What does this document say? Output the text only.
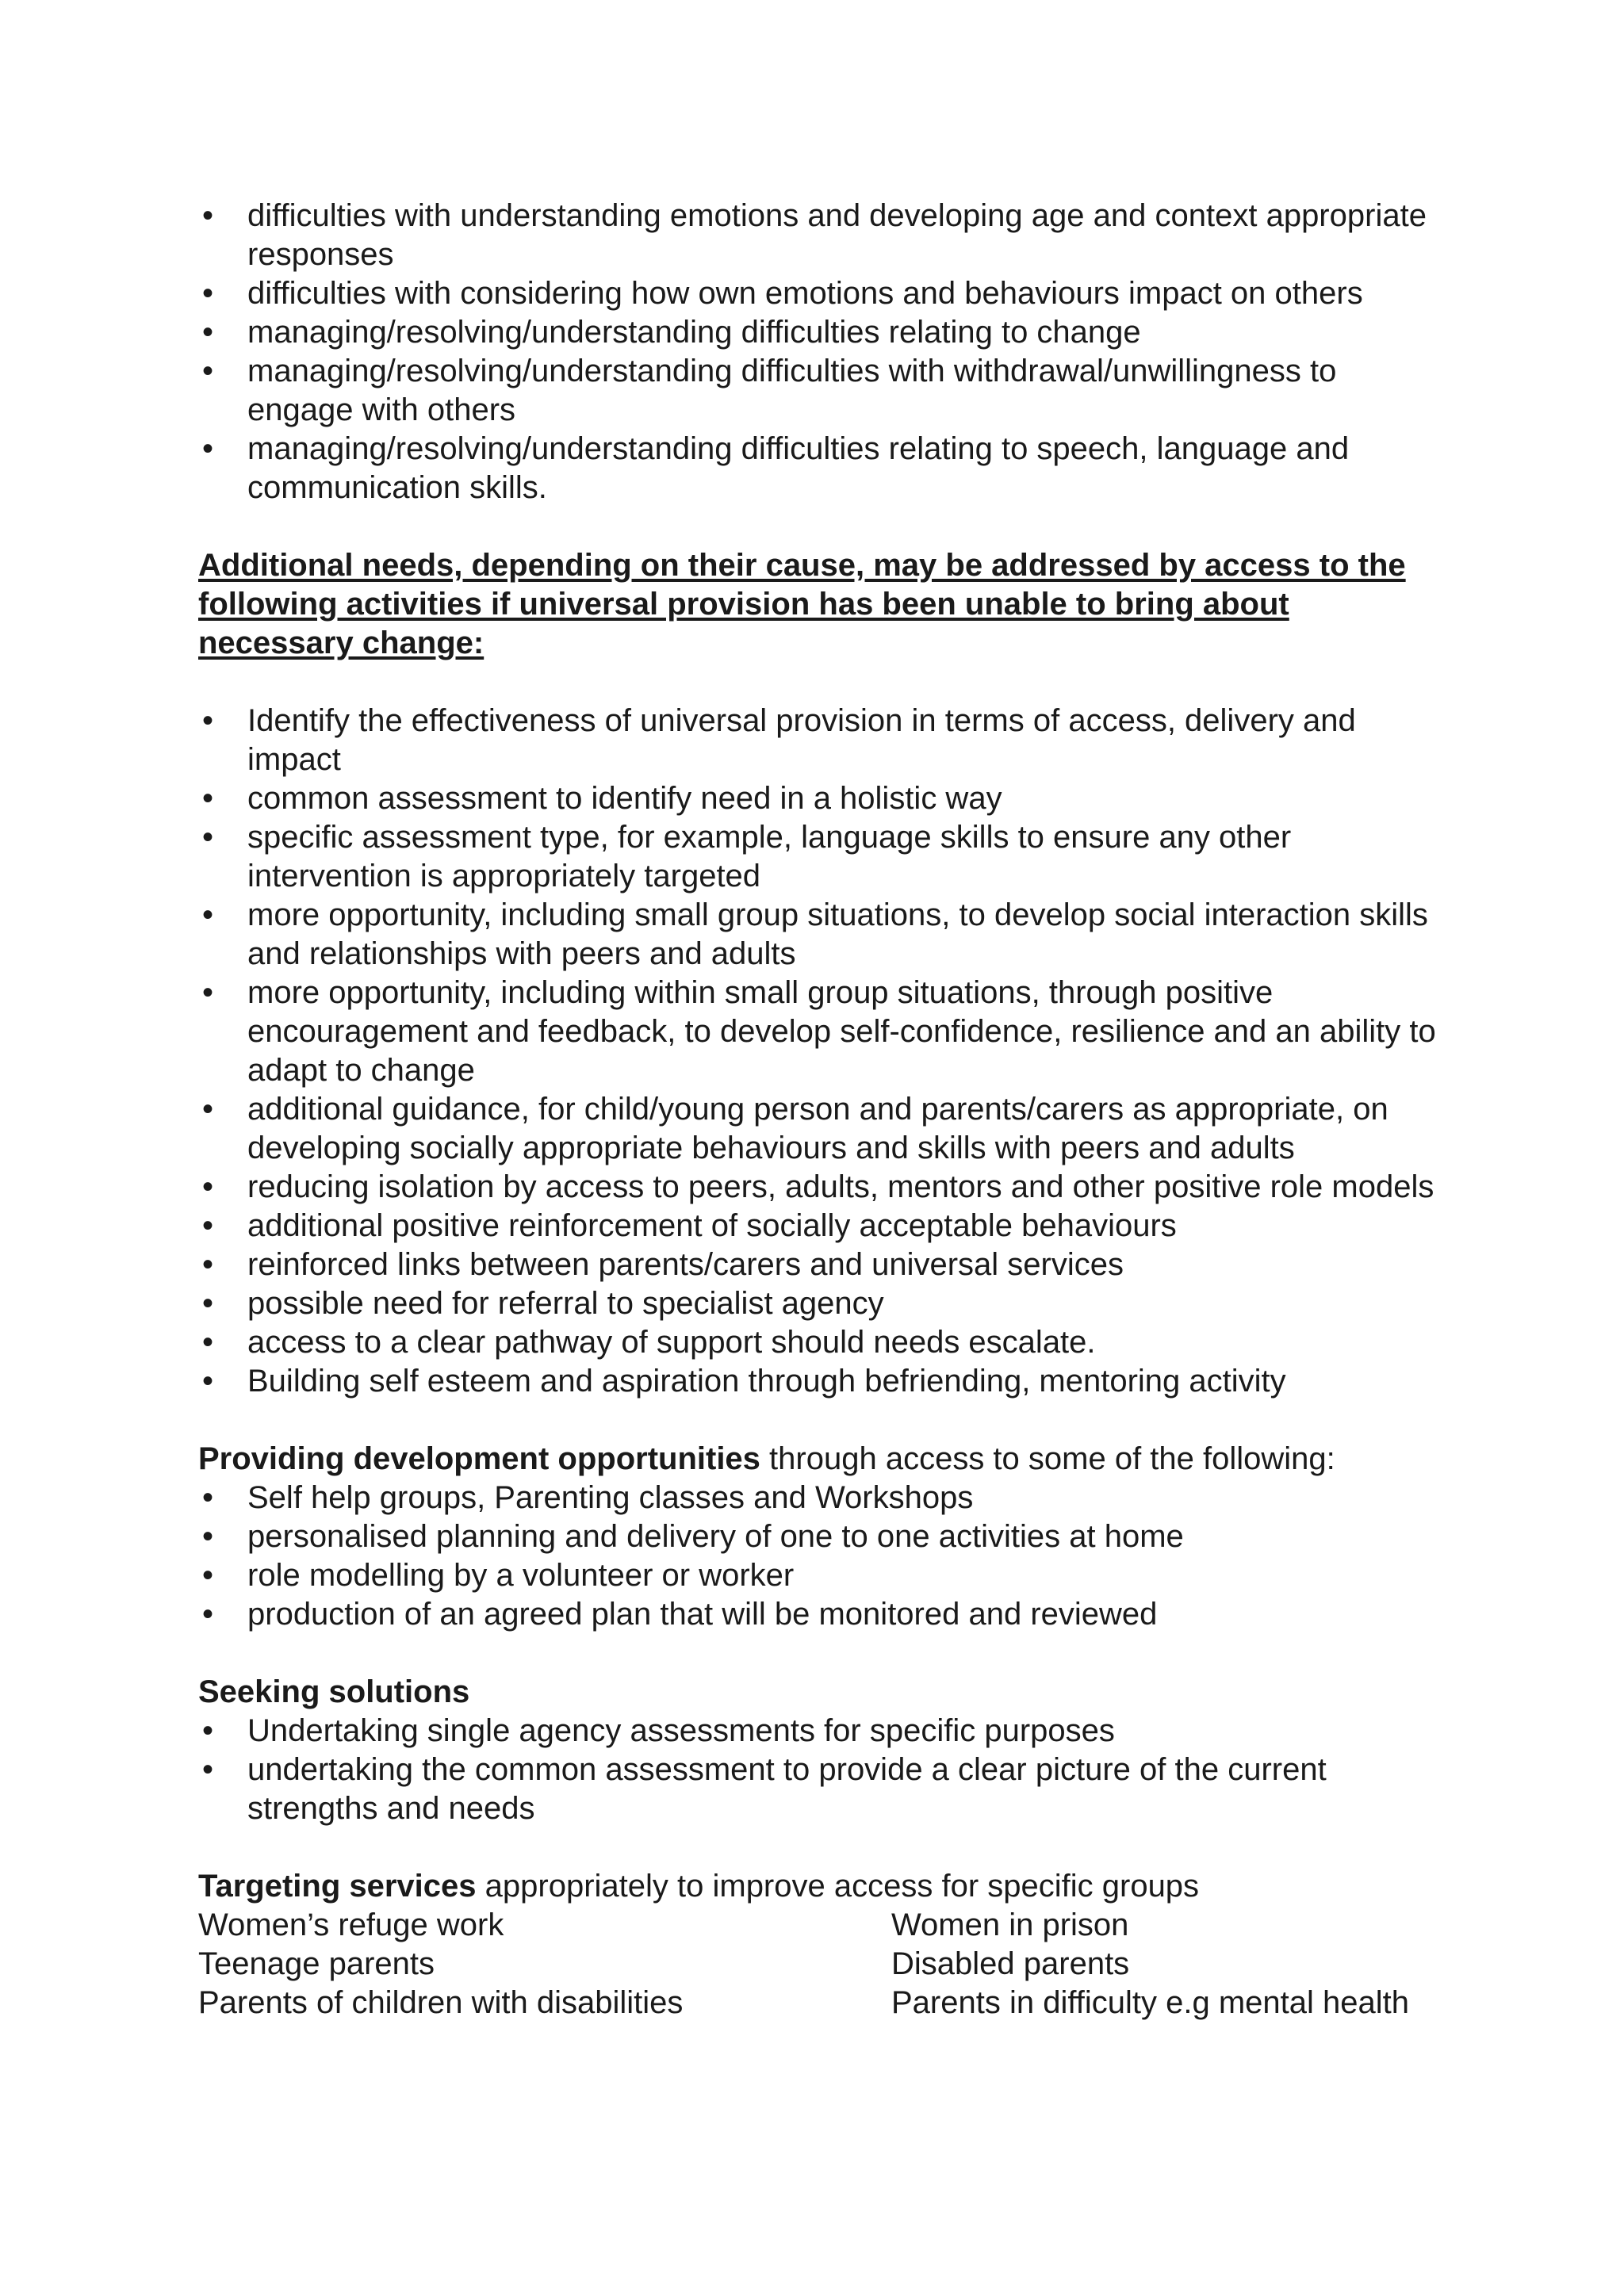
• difficulties with understanding emotions and developing age and context appropriate responses
• difficulties with considering how own emotions and behaviours impact on others
• managing/resolving/understanding difficulties relating to change
• managing/resolving/understanding difficulties with withdrawal/unwillingness to engage with others
• managing/resolving/understanding difficulties relating to speech, language and communication skills.

Additional needs, depending on their cause, may be addressed by access to the following activities if universal provision has been unable to bring about necessary change:

• Identify the effectiveness of universal provision in terms of access, delivery and impact
• common assessment to identify need in a holistic way
• specific assessment type, for example, language skills to ensure any other intervention is appropriately targeted
• more opportunity, including small group situations, to develop social interaction skills and relationships with peers and adults
• more opportunity, including within small group situations, through positive encouragement and feedback, to develop self-confidence, resilience and an ability to adapt to change
• additional guidance, for child/young person and parents/carers as appropriate, on developing socially appropriate behaviours and skills with peers and adults
• reducing isolation by access to peers, adults, mentors and other positive role models
• additional positive reinforcement of socially acceptable behaviours
• reinforced links between parents/carers and universal services
• possible need for referral to specialist agency
• access to a clear pathway of support should needs escalate.
• Building self esteem and aspiration through befriending, mentoring activity

Providing development opportunities through access to some of the following:

• Self help groups, Parenting classes and Workshops
• personalised planning and delivery of one to one activities at home
• role modelling by a volunteer or worker
• production of an agreed plan that will be monitored and reviewed

Seeking solutions

• Undertaking single agency assessments for specific purposes
• undertaking the common assessment to provide a clear picture of the current strengths and needs

Targeting services appropriately to improve access for specific groups

Women’s refuge work	Women in prison
Teenage parents	Disabled parents
Parents of children with disabilities	Parents in difficulty e.g mental health
